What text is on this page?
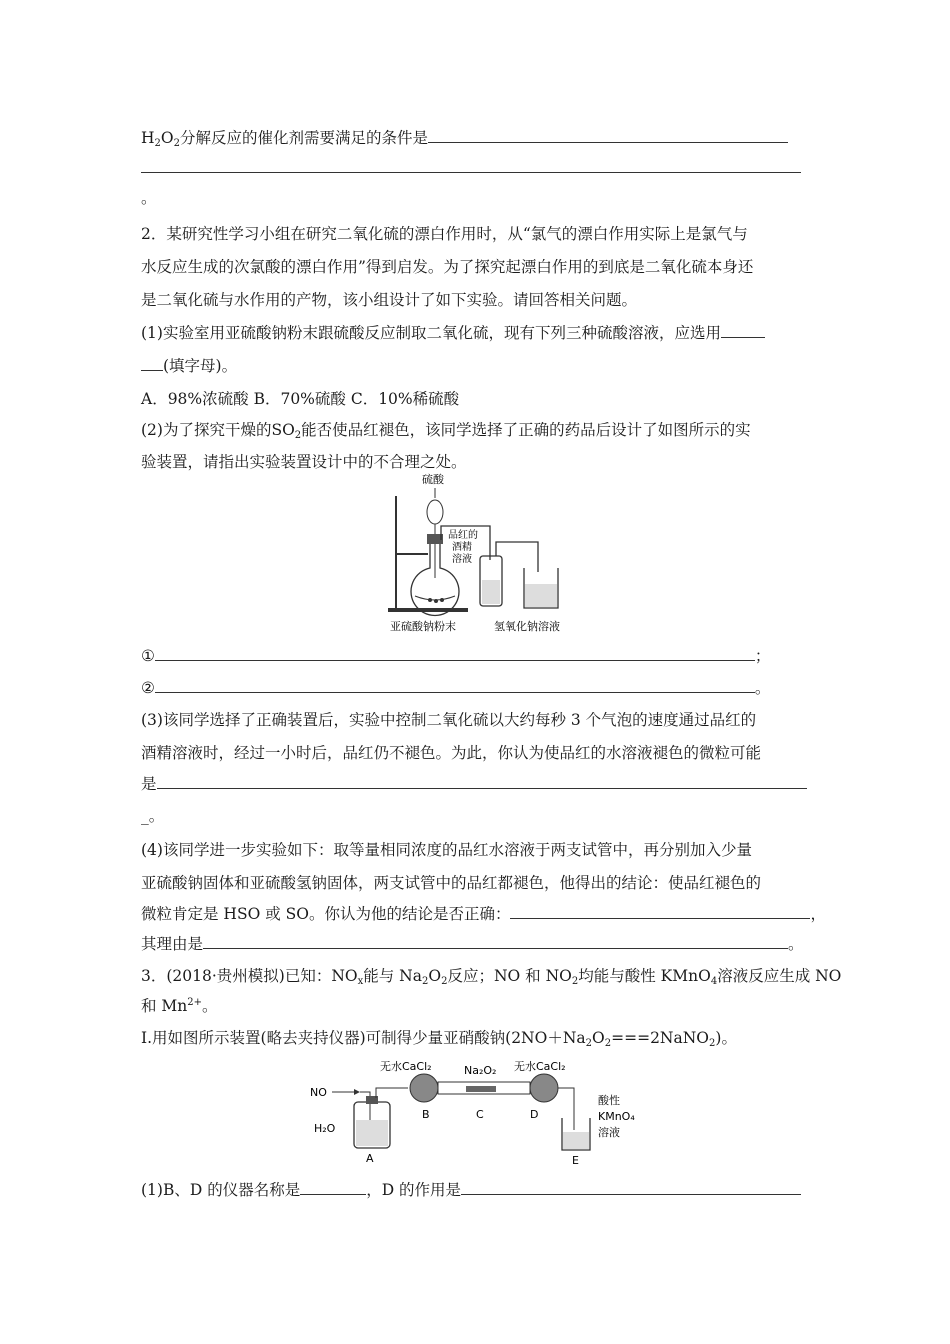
$H_2O_2$分解反应的催化剂需要满足的条件是
。
2．某研究性学习小组在研究二氧化硫的漂白作用时，从“氯气的漂白作用实际上是氯气与
水反应生成的次氯酸的漂白作用”得到启发。为了探究起漂白作用的到底是二氧化硫本身还
是二氧化硫与水作用的产物，该小组设计了如下实验。请回答相关问题。
(1)实验室用亚硫酸钠粉末跟硫酸反应制取二氧化硫，现有下列三种硫酸溶液，应选用
(填字母)。
A．98%浓硫酸 B．70%硫酸 C．10%稀硫酸
(2)为了探究干燥的$SO_2$能否使品红褪色，该同学选择了正确的药品后设计了如图所示的实
验装置，请指出实验装置设计中的不合理之处。
硫酸
品红的
酒精
溶液
亚硫酸钠粉末	氢氧化钠溶液
①	；
②	。
(3)该同学选择了正确装置后，实验中控制二氧化硫以大约每秒 3 个气泡的速度通过品红的
酒精溶液时，经过一小时后，品红仍不褪色。为此，你认为使品红的水溶液褪色的微粒可能
是
_。
(4)该同学进一步实验如下：取等量相同浓度的品红水溶液于两支试管中，再分别加入少量
亚硫酸钠固体和亚硫酸氢钠固体，两支试管中的品红都褪色，他得出的结论：使品红褪色的
微粒肯定是 HSO 或 SO。你认为他的结论是否正确：	，
其理由是	。
3．(2018·贵州模拟)已知：$NO_x$能与 $Na_2O_2$反应；NO 和 $NO_2$均能与酸性 KMnO$_4$溶液反应生成 NO
和 $Mn^{2+}$。
Ⅰ.用如图所示装置(略去夹持仪器)可制得少量亚硝酸钠$(2NO+Na_2O_2===2NaNO_2)$。
NO
H₂O
A
无水CaCl₂
B
Na₂O₂
C
无水CaCl₂
D
酸性
KMnO₄
溶液
E
(1)B、D 的仪器名称是	，D 的作用是
